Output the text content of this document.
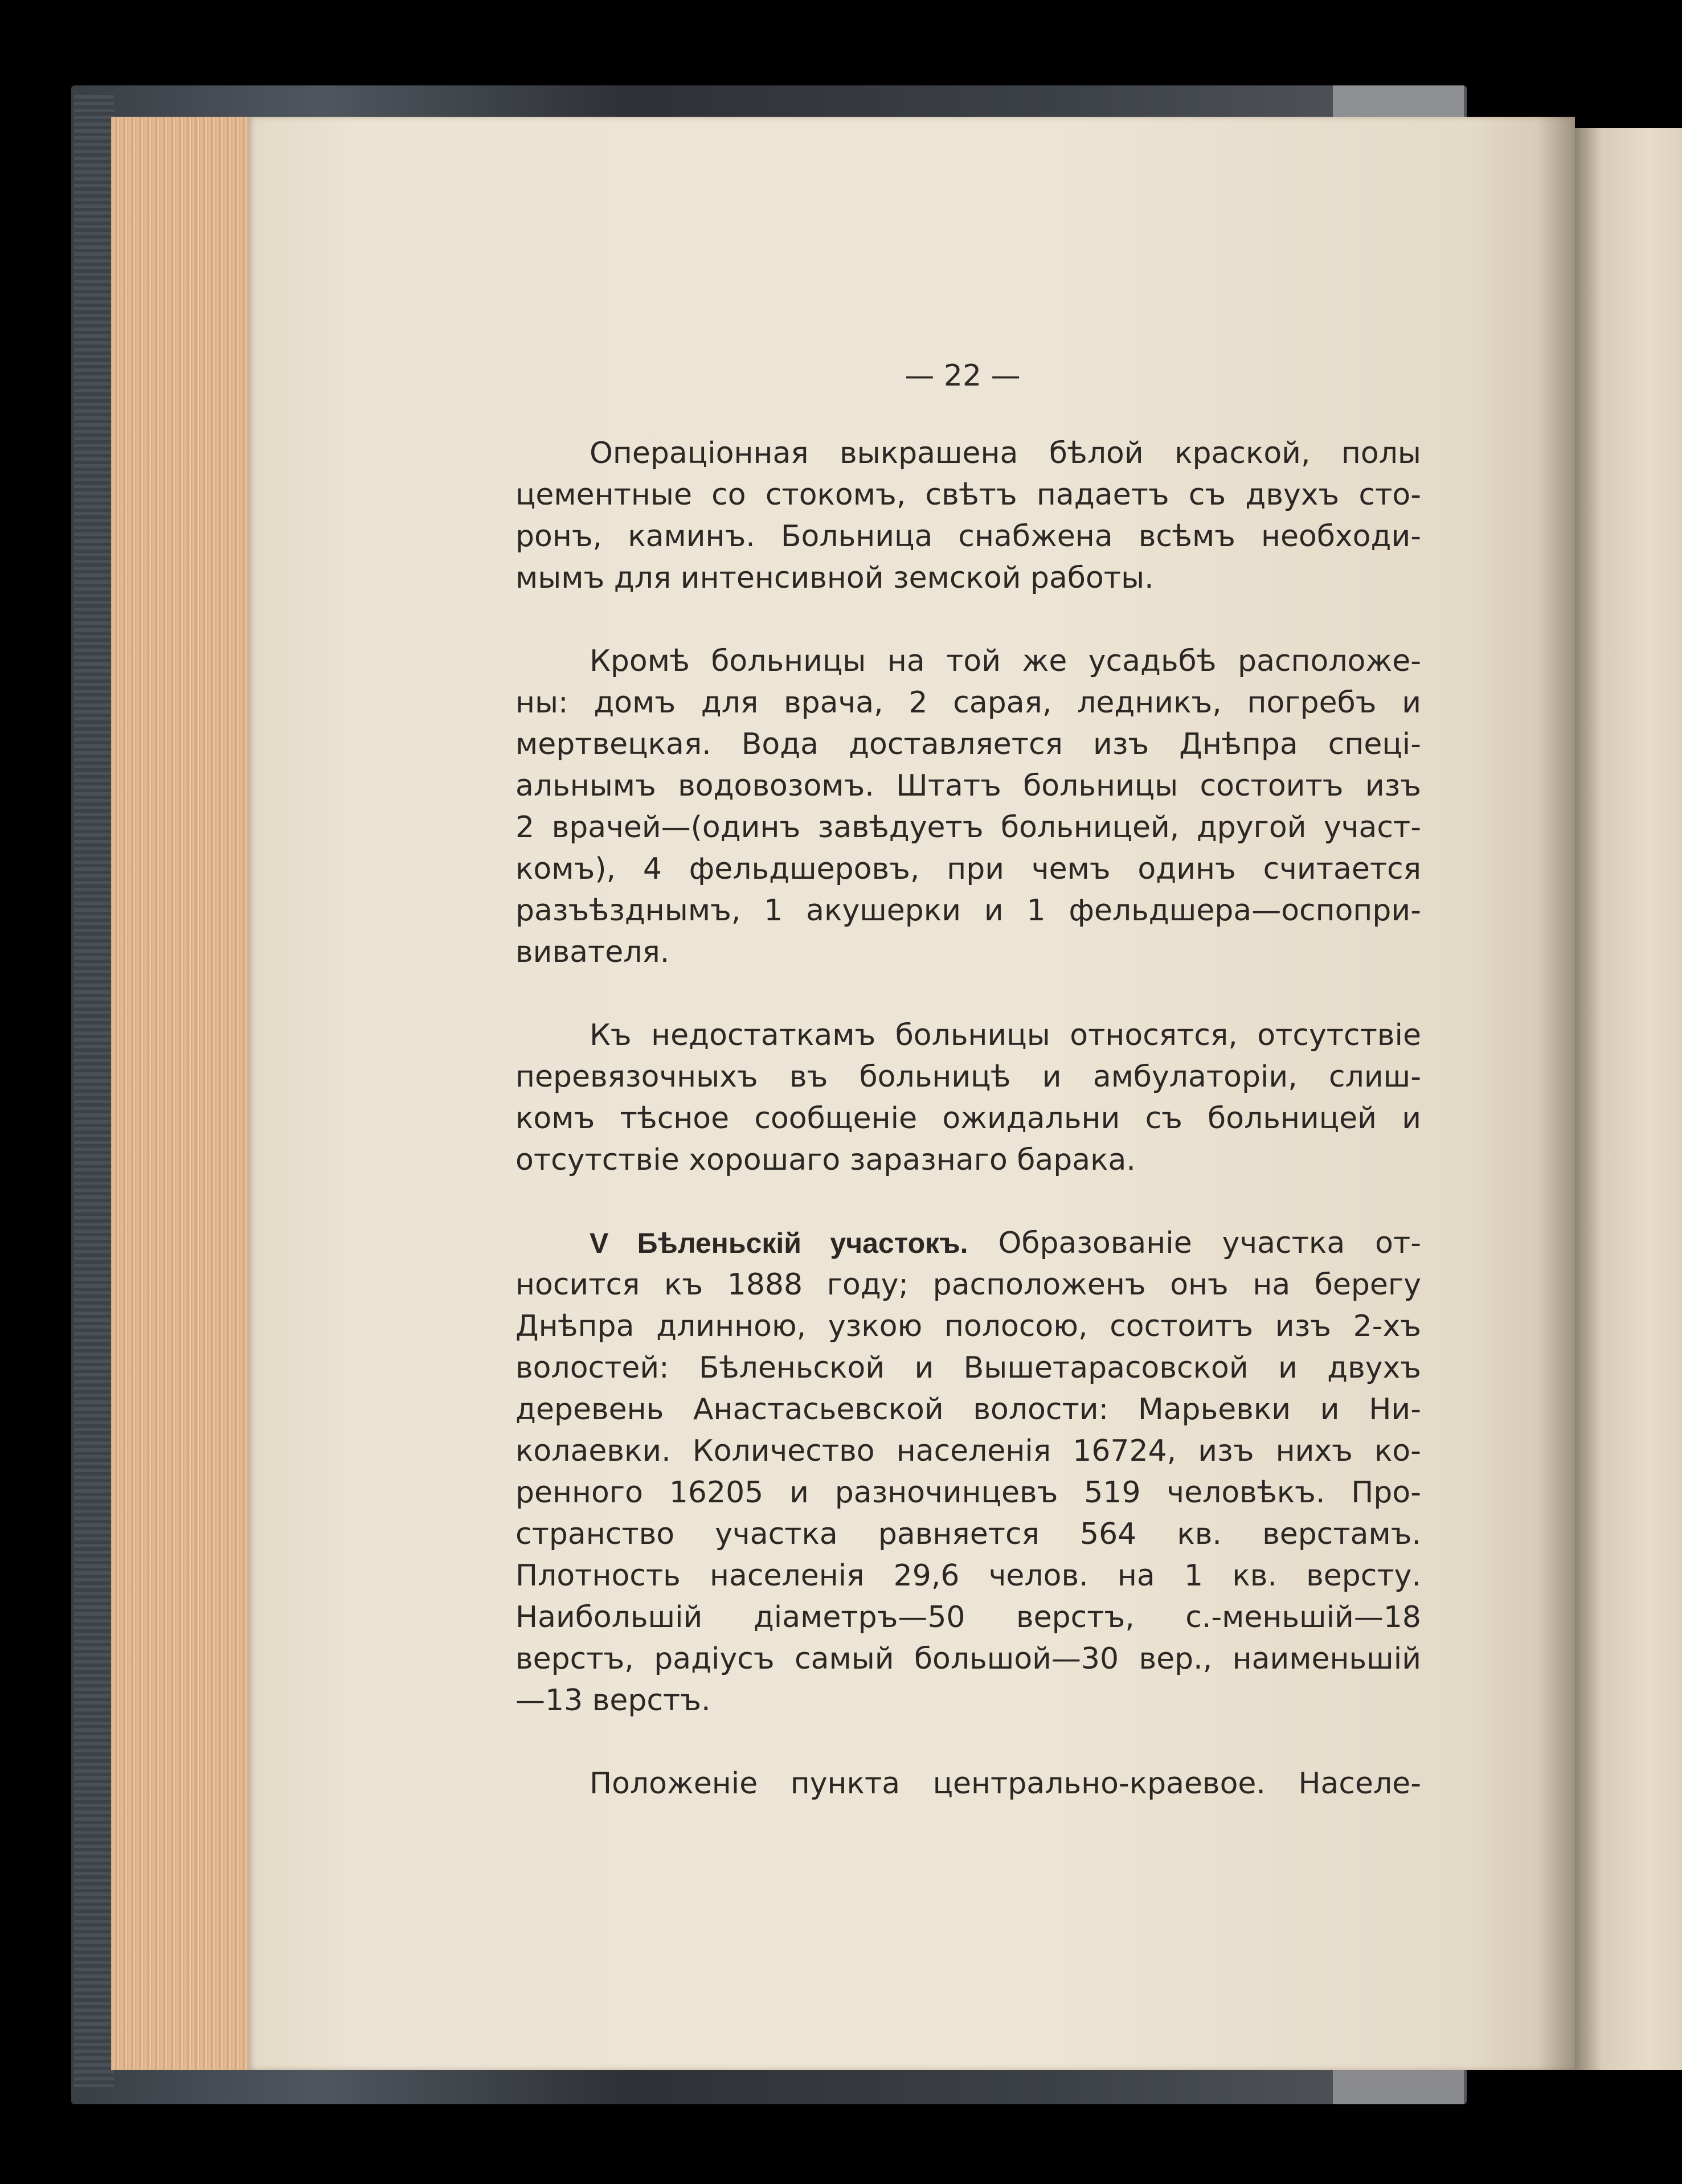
— 22 —
Операціонная выкрашена бѣлой краской, полы
цементные со стокомъ, свѣтъ падаетъ съ двухъ сто-
ронъ, каминъ. Больница снабжена всѣмъ необходи-
мымъ для интенсивной земской работы.
Кромѣ больницы на той же усадьбѣ расположе-
ны: домъ для врача, 2 сарая, ледникъ, погребъ и
мертвецкая. Вода доставляется изъ Днѣпра спеці-
альнымъ водовозомъ. Штатъ больницы состоитъ изъ
2 врачей—(одинъ завѣдуетъ больницей, другой участ-
комъ), 4 фельдшеровъ, при чемъ одинъ считается
разъѣзднымъ, 1 акушерки и 1 фельдшера—оспопри-
вивателя.
Къ недостаткамъ больницы относятся, отсутствіе
перевязочныхъ въ больницѣ и амбулаторіи, слиш-
комъ тѣсное сообщеніе ожидальни съ больницей и
отсутствіе хорошаго заразнаго барака.
V Бѣленьскій участокъ. Образованіе участка от-
носится къ 1888 году; расположенъ онъ на берегу
Днѣпра длинною, узкою полосою, состоитъ изъ 2-хъ
волостей: Бѣленьской и Вышетарасовской и двухъ
деревень Анастасьевской волости: Марьевки и Ни-
колаевки. Количество населенія 16724, изъ нихъ ко-
ренного 16205 и разночинцевъ 519 человѣкъ. Про-
странство участка равняется 564 кв. верстамъ.
Плотность населенія 29,6 челов. на 1 кв. версту.
Наибольшій діаметръ—50 верстъ, с.-меньшій—18
верстъ, радіусъ самый большой—30 вер., наименьшій
—13 верстъ.
Положеніе пункта центрально-краевое. Населе-
